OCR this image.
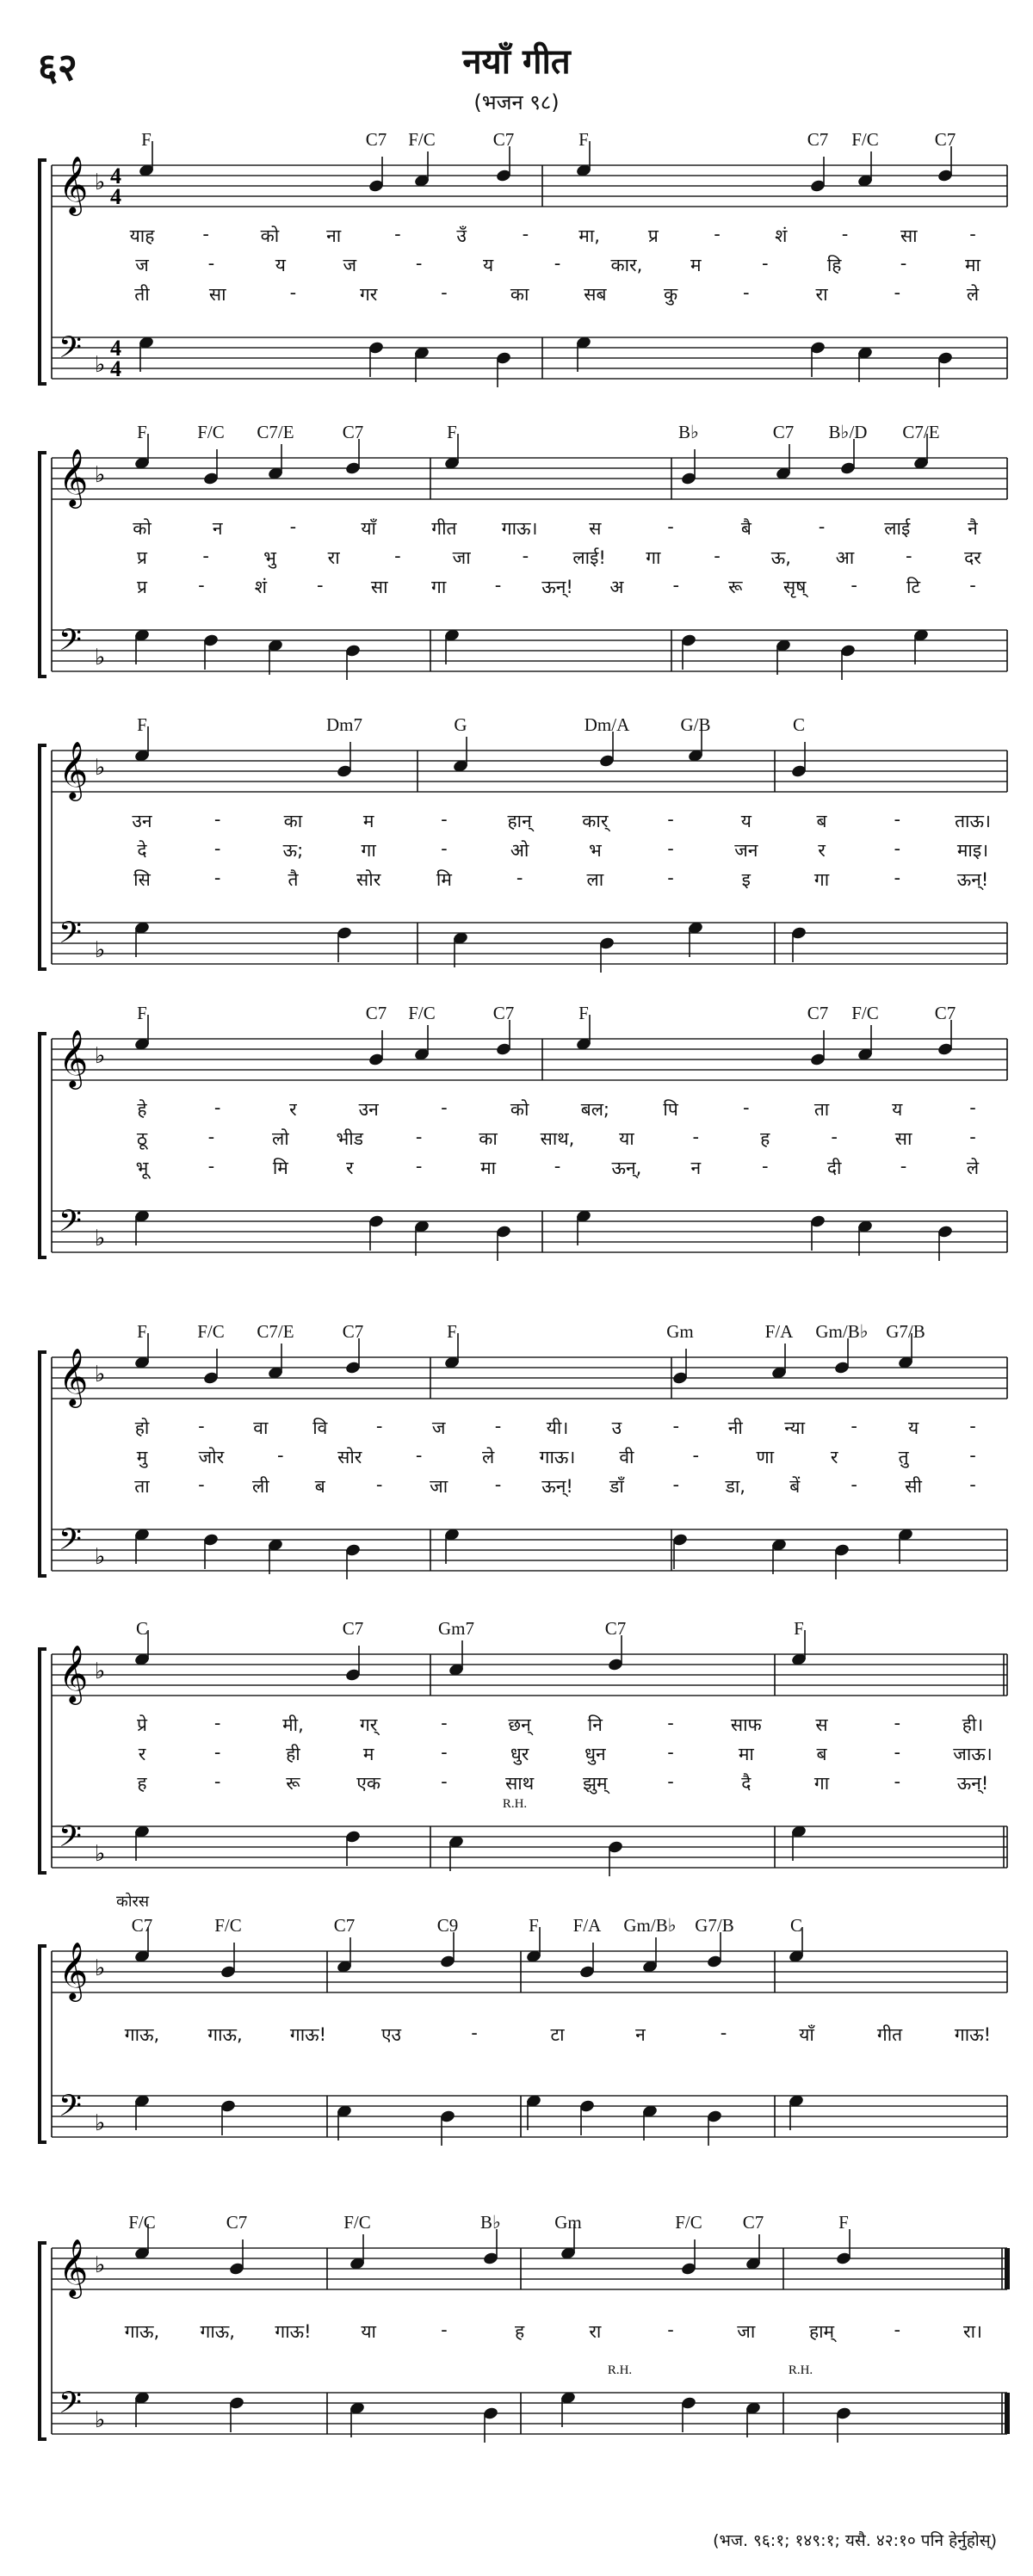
६२	नयाँ गीत
(भजन ९८)
𝄞 ♭ 4
4
𝄢 ♭
4
4
F	C7 F/C	C7	F	C7 F/C	C7
याह	-	को	ना	-	उँ	-	मा,	प्र	-	शं	-	सा	-
ज	-	य	ज	-	य	-	कार,	म	-	हि	-	मा
ती	सा	-	गर	-	का	सब	कु	-	रा	-	ले
𝄞 ♭
𝄢 ♭
F	F/C C7/E	C7	F	B♭	C7 B♭/D C7/E
को	न	-	याँ	गीत गाऊ।	स	-	बै	-	लाई	नै
प्र	-	भु	रा	-	जा	- लाई! गा	-	ऊ, आ	-	दर
प्र	-	शं	-	सा गा	- ऊन्! अ	-	रू सृष् -	टि	-
𝄞 ♭
𝄢 ♭
F	Dm7	G	Dm/A	G/B	C
उन	-	का	म	-	हान्	कार्	-	य	ब	-	ताऊ।
दे	-	ऊ;	गा	-	ओ	भ	-	जन	र	-	माइ।
सि	-	तै	सोर	मि	-	ला	-	इ	गा	-	ऊन्!
𝄞 ♭
𝄢 ♭
F	C7 F/C	C7	F	C7 F/C	C7
हे	-	र	उन	-	को	बल;	पि	-	ता	य	-
ठू	-	लो	भीड	-	का साथ, या	-	ह	-	सा	-
भू	-	मि	र	-	मा	-	ऊन्,	न	-	दी	-	ले
𝄞 ♭
𝄢 ♭
F	F/C C7/E	C7	F	Gm	F/A Gm/B♭ G7/B
हो	-	वा वि	-	ज	- यी। उ	-	नी न्या	-	य	-
मु	जोर	-	सोर	-	ले गाऊ। वी	-	णा	र	तु	-
ता	-	ली	ब	-	जा	- ऊन्! डाँ	-	डा, बें	-	सी	-
𝄞 ♭
𝄢 ♭
C	C7	Gm7	C7	F
R.H.
प्रे	-	मी,	गर्	-	छन्	नि	-	साफ	स	-	ही।
र	-	ही	म	-	धुर	धुन	-	मा	ब	-	जाऊ।
ह	-	रू	एक	-	साथ	झुम्	-	दै	गा	-	ऊन्!
𝄞 ♭
𝄢 ♭
C7	F/C	C7	C9	F F/A Gm/B♭ G7/B	C
कोरस
गाऊ,	गाऊ,	गाऊ!	एउ	-	टा	न	-	याँ	गीत	गाऊ!
𝄞 ♭
𝄢 ♭
F/C	C7	F/C	B♭	Gm	F/C C7	F
R.H.	R.H.
गाऊ, गाऊ, गाऊ!	या	-	ह	रा	-	जा	हाम्	-	रा।
(भज. ९६:१; १४९:१; यसै. ४२:१० पनि हेर्नुहोस्)
